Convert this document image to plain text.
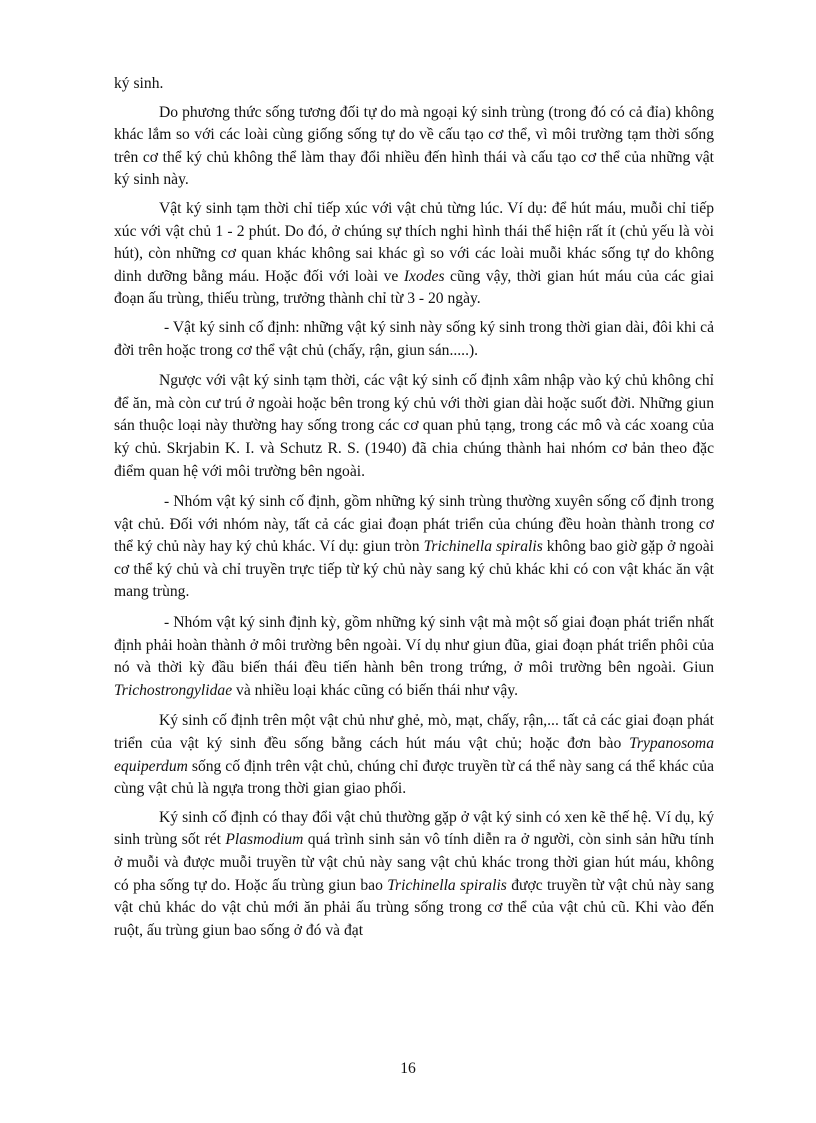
ký sinh.

Do phương thức sống tương đối tự do mà ngoại ký sinh trùng (trong đó có cả đỉa) không khác lắm so với các loài cùng giống sống tự do về cấu tạo cơ thể, vì môi trường tạm thời sống trên cơ thể ký chủ không thể làm thay đổi nhiều đến hình thái và cấu tạo cơ thể của những vật ký sinh này.

Vật ký sinh tạm thời chỉ tiếp xúc với vật chủ từng lúc. Ví dụ: để hút máu, muỗi chỉ tiếp xúc với vật chủ 1 - 2 phút. Do đó, ở chúng sự thích nghi hình thái thể hiện rất ít (chủ yếu là vòi hút), còn những cơ quan khác không sai khác gì so với các loài muỗi khác sống tự do không dinh dưỡng bằng máu. Hoặc đối với loài ve Ixodes cũng vậy, thời gian hút máu của các giai đoạn ấu trùng, thiếu trùng, trưởng thành chỉ từ 3 - 20 ngày.

- Vật ký sinh cố định: những vật ký sinh này sống ký sinh trong thời gian dài, đôi khi cả đời trên hoặc trong cơ thể vật chủ (chấy, rận, giun sán.....).

Ngược với vật ký sinh tạm thời, các vật ký sinh cố định xâm nhập vào ký chủ không chỉ để ăn, mà còn cư trú ở ngoài hoặc bên trong ký chủ với thời gian dài hoặc suốt đời. Những giun sán thuộc loại này thường hay sống trong các cơ quan phủ tạng, trong các mô và các xoang của ký chủ. Skrjabin K. I. và Schutz R. S. (1940) đã chia chúng thành hai nhóm cơ bản theo đặc điểm quan hệ với môi trường bên ngoài.

- Nhóm vật ký sinh cố định, gồm những ký sinh trùng thường xuyên sống cố định trong vật chủ. Đối với nhóm này, tất cả các giai đoạn phát triển của chúng đều hoàn thành trong cơ thể ký chủ này hay ký chủ khác. Ví dụ: giun tròn Trichinella spiralis không bao giờ gặp ở ngoài cơ thể ký chủ và chỉ truyền trực tiếp từ ký chủ này sang ký chủ khác khi có con vật khác ăn vật mang trùng.

- Nhóm vật ký sinh định kỳ, gồm những ký sinh vật mà một số giai đoạn phát triển nhất định phải hoàn thành ở môi trường bên ngoài. Ví dụ như giun đũa, giai đoạn phát triển phôi của nó và thời kỳ đầu biến thái đều tiến hành bên trong trứng, ở môi trường bên ngoài. Giun Trichostrongylidae và nhiều loại khác cũng có biến thái như vậy.

Ký sinh cố định trên một vật chủ như ghẻ, mò, mạt, chấy, rận,... tất cả các giai đoạn phát triển của vật ký sinh đều sống bằng cách hút máu vật chủ; hoặc đơn bào Trypanosoma equiperdum sống cố định trên vật chủ, chúng chỉ được truyền từ cá thể này sang cá thể khác của cùng vật chủ là ngựa trong thời gian giao phối.

Ký sinh cố định có thay đổi vật chủ thường gặp ở vật ký sinh có xen kẽ thế hệ. Ví dụ, ký sinh trùng sốt rét Plasmodium quá trình sinh sản vô tính diễn ra ở người, còn sinh sản hữu tính ở muỗi và được muỗi truyền từ vật chủ này sang vật chủ khác trong thời gian hút máu, không có pha sống tự do. Hoặc ấu trùng giun bao Trichinella spiralis được truyền từ vật chủ này sang vật chủ khác do vật chủ mới ăn phải ấu trùng sống trong cơ thể của vật chủ cũ. Khi vào đến ruột, ấu trùng giun bao sống ở đó và đạt

16
